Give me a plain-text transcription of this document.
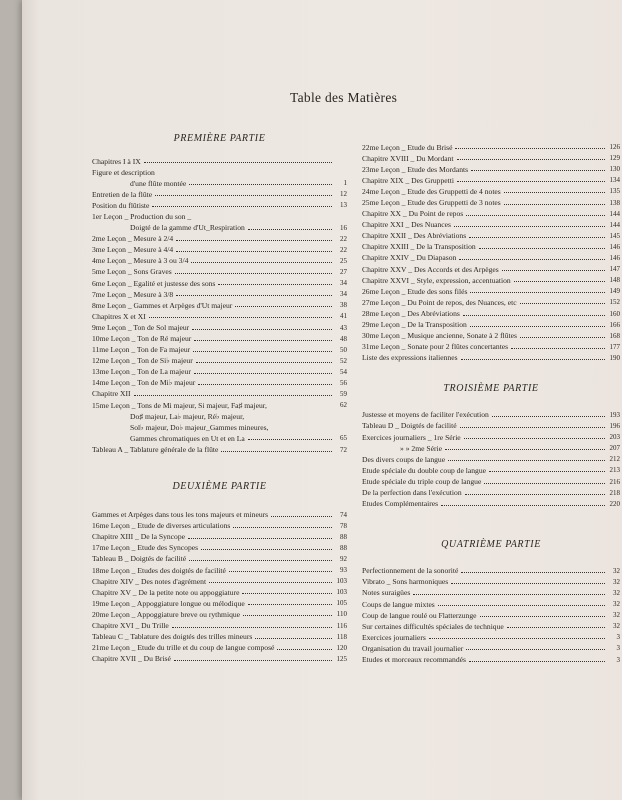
Table des Matières
PREMIÈRE PARTIE
Chapitres I à IX
Figure et description
d'une flûte montée	1
Entretien de la flûte	12
Position du flûtiste	13
1er Leçon _ Production du son _
Doigté de la gamme d'Ut_Respiration	16
2me Leçon _ Mesure à 2/4	22
3me Leçon _ Mesure à 4/4	22
4me Leçon _ Mesure à 3 ou 3/4	25
5me Leçon _ Sons Graves	27
6me Leçon _ Egalité et justesse des sons	34
7me Leçon _ Mesure à 3/8	34
8me Leçon _ Gammes et Arpèges d'Ut majeur	38
Chapitres X et XI	41
9me Leçon _ Ton de Sol majeur	43
10me Leçon _ Ton de Ré majeur	48
11me Leçon _ Ton de Fa majeur	50
12me Leçon _ Ton de Si♭ majeur	52
13me Leçon _ Ton de La majeur	54
14me Leçon _ Ton de Mi♭ majeur	56
Chapitre XII	59
15me Leçon _ Tons de Mi majeur, Si majeur, Fa♯ majeur,	62
Do♯ majeur, La♭ majeur, Ré♭ majeur,
Sol♭ majeur, Do♭ majeur_Gammes mineures,
Gammes chromatiques en Ut et en La	65
Tableau A _ Tablature générale de la flûte	72
DEUXIÈME PARTIE
Gammes et Arpèges dans tous les tons majeurs et mineurs	74
16me Leçon _ Etude de diverses articulations	78
Chapitre XIII _ De la Syncope	88
17me Leçon _ Etude des Syncopes	88
Tableau B _ Doigtés de facilité	92
18me Leçon _ Etudes des doigtés de facilité	93
Chapitre XIV _ Des notes d'agrément	103
Chapitre XV _ De la petite note ou appoggiature	103
19me Leçon _ Appoggiature longue ou mélodique	105
20me Leçon _ Appoggiature breve ou rythmique	110
Chapitre XVI _ Du Trille	116
Tableau C _ Tablature des doigtés des trilles mineurs	118
21me Leçon _ Etude du trille et du coup de langue composé	120
Chapitre XVII _ Du Brisé	125
22me Leçon _ Etude du Brisé	126
Chapitre XVIII _ Du Mordant	129
23me Leçon _ Etude des Mordants	130
Chapitre XIX _ Des Gruppetti	134
24me Leçon _ Etude des Gruppetti de 4 notes	135
25me Leçon _ Etude des Gruppetti de 3 notes	138
Chapitre XX _ Du Point de repos	144
Chapitre XXI _ Des Nuances	144
Chapitre XXII _ Des Abréviations	145
Chapitre XXIII _ De la Transposition	146
Chapitre XXIV _ Du Diapason	146
Chapitre XXV _ Des Accords et des Arpèges	147
Chapitre XXVI _ Style, expression, accentuation	148
26me Leçon _ Etude des sons filés	149
27me Leçon _ Du Point de repos, des Nuances, etc	152
28me Leçon _ Des Abréviations	160
29me Leçon _ De la Transposition	166
30me Leçon _ Musique ancienne, Sonate à 2 flûtes	168
31me Leçon _ Sonate pour 2 flûtes concertantes	177
Liste des expressions italiennes	190
TROISIÈME PARTIE
Justesse et moyens de faciliter l'exécution	193
Tableau D _ Doigtés de facilité	196
Exercices journaliers _ 1re Série	203
» » 2me Série	207
Des divers coups de langue	212
Etude spéciale du double coup de langue	213
Etude spéciale du triple coup de langue	216
De la perfection dans l'exécution	218
Etudes Complémentaires	220
QUATRIÈME PARTIE
Perfectionnement de la sonorité	32
Vibrato _ Sons harmoniques	32
Notes suraigües	32
Coups de langue mixtes	32
Coup de langue roulé ou Flatterzunge	32
Sur certaines difficultés spéciales de technique	32
Exercices journaliers	3
Organisation du travail journalier	3
Etudes et morceaux recommandés	3
